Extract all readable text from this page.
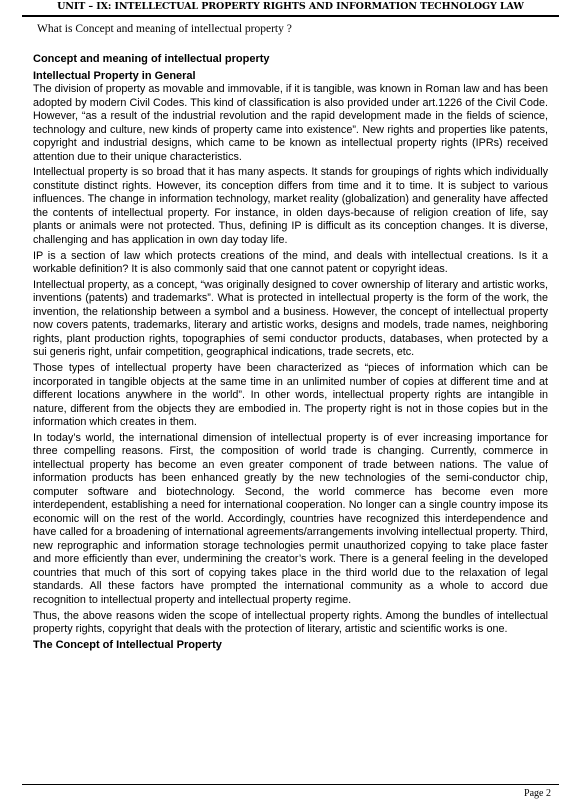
UNIT – IX: INTELLECTUAL PROPERTY RIGHTS AND INFORMATION TECHNOLOGY LAW
What is Concept and meaning of intellectual property ?
Concept and meaning of intellectual property
Intellectual Property in General

The division of property as movable and immovable, if it is tangible, was known in Roman law and has been adopted by modern Civil Codes. This kind of classification is also provided under art.1226 of the Civil Code. However, “as a result of the industrial revolution and the rapid development made in the fields of science, technology and culture, new kinds of property came into existence”. New rights and properties like patents, copyright and industrial designs, which came to be known as intellectual property rights (IPRs) received attention due to their unique characteristics.

Intellectual property is so broad that it has many aspects. It stands for groupings of rights which individually constitute distinct rights. However, its conception differs from time and it to time. It is subject to various influences. The change in information technology, market reality (globalization) and generality have affected the contents of intellectual property. For instance, in olden days-because of religion creation of life, say plants or animals were not protected. Thus, defining IP is difficult as its conception changes. It is diverse, challenging and has application in own day today life.

IP is a section of law which protects creations of the mind, and deals with intellectual creations. Is it a workable definition? It is also commonly said that one cannot patent or copyright ideas.

Intellectual property, as a concept, “was originally designed to cover ownership of literary and artistic works, inventions (patents) and trademarks”. What is protected in intellectual property is the form of the work, the invention, the relationship between a symbol and a business. However, the concept of intellectual property now covers patents, trademarks, literary and artistic works, designs and models, trade names, neighboring rights, plant production rights, topographies of semi conductor products, databases, when protected by a sui generis right, unfair competition, geographical indications, trade secrets, etc.

Those types of intellectual property have been characterized as “pieces of information which can be incorporated in tangible objects at the same time in an unlimited number of copies at different time and at different locations anywhere in the world”. In other words, intellectual property rights are intangible in nature, different from the objects they are embodied in. The property right is not in those copies but in the information which creates in them.

In today’s world, the international dimension of intellectual property is of ever increasing importance for three compelling reasons. First, the composition of world trade is changing. Currently, commerce in intellectual property has become an even greater component of trade between nations. The value of information products has been enhanced greatly by the new technologies of the semi-conductor chip, computer software and biotechnology. Second, the world commerce has become even more interdependent, establishing a need for international cooperation. No longer can a single country impose its economic will on the rest of the world. Accordingly, countries have recognized this interdependence and have called for a broadening of international agreements/arrangements involving intellectual property. Third, new reprographic and information storage technologies permit unauthorized copying to take place faster and more efficiently than ever, undermining the creator’s work. There is a general feeling in the developed countries that much of this sort of copying takes place in the third world due to the relaxation of legal standards. All these factors have prompted the international community as a whole to accord due recognition to intellectual property and intellectual property regime.

Thus, the above reasons widen the scope of intellectual property rights. Among the bundles of intellectual property rights, copyright that deals with the protection of literary, artistic and scientific works is one.

The Concept of Intellectual Property
Page 2
